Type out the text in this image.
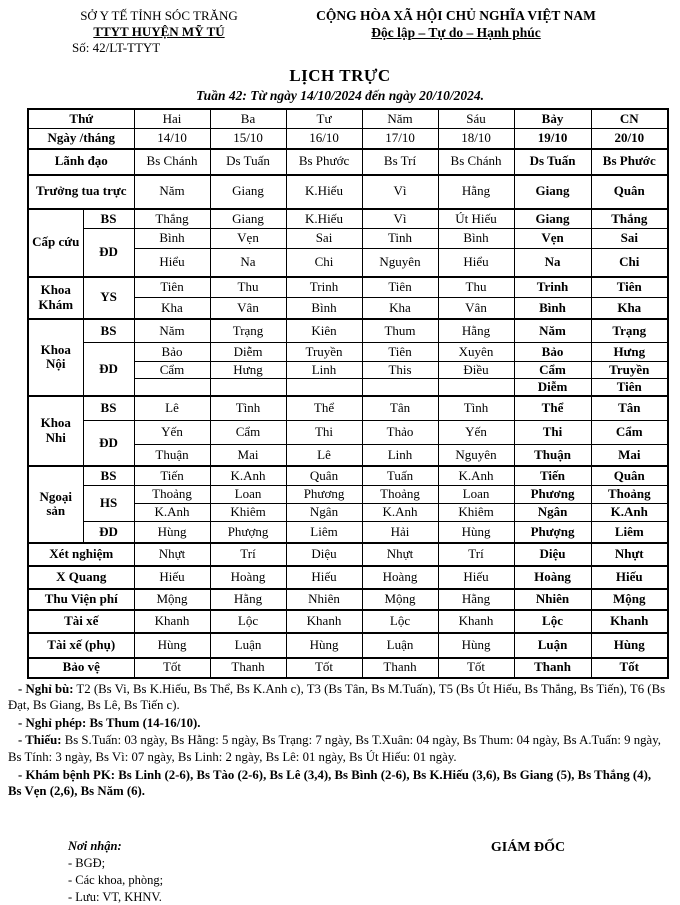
SỞ Y TẾ TỈNH SÓC TRĂNG
TTYT HUYỆN MỸ TÚ
Số: 42/LT-TTYT
CỘNG HÒA XÃ HỘI CHỦ NGHĨA VIỆT NAM
Độc lập – Tự do – Hạnh phúc
LỊCH TRỰC
Tuần 42: Từ ngày 14/10/2024 đến ngày 20/10/2024.
Thứ		Hai	Ba	Tư	Năm	Sáu	Bảy	CN
Ngày /tháng		14/10	15/10	16/10	17/10	18/10	19/10	20/10
Lãnh đạo		Bs Chánh	Ds Tuấn	Bs Phước	Bs Trí	Bs Chánh	Ds Tuấn	Bs Phước
Trưởng tua trực		Năm	Giang	K.Hiếu	Vì	Hằng	Giang	Quân
Cấp cứu	BS	Thắng	Giang	K.Hiếu	Vì	Út Hiếu	Giang	Thắng
	ĐD	Bình	Vẹn	Sai	Tinh	Bình	Vẹn	Sai
		Hiểu	Na	Chi	Nguyên	Hiểu	Na	Chi
Khoa Khám	YS	Tiên	Thu	Trinh	Tiên	Thu	Trinh	Tiên
		Kha	Vân	Bình	Kha	Vân	Bình	Kha
Khoa Nội	BS	Năm	Trạng	Kiên	Thum	Hằng	Năm	Trạng
	ĐD	Bảo	Diễm	Truyền	Tiên	Xuyên	Bảo	Hưng
		Cẩm	Hưng	Linh	This	Điều	Cẩm	Truyền
							Diễm	Tiên
Khoa Nhi	BS	Lê	Tình	Thể	Tân	Tình	Thể	Tân
	ĐD	Yến	Cẩm	Thi	Thảo	Yến	Thi	Cẩm
		Thuận	Mai	Lê	Linh	Nguyên	Thuận	Mai
Ngoại sản	BS	Tiến	K.Anh	Quân	Tuấn	K.Anh	Tiến	Quân
	HS	Thoảng	Loan	Phương	Thoảng	Loan	Phương	Thoảng
		K.Anh	Khiêm	Ngân	K.Anh	Khiêm	Ngân	K.Anh
	ĐD	Hùng	Phượng	Liêm	Hải	Hùng	Phượng	Liêm
Xét nghiệm		Nhựt	Trí	Diệu	Nhựt	Trí	Diệu	Nhựt
X Quang		Hiếu	Hoàng	Hiếu	Hoàng	Hiếu	Hoàng	Hiếu
Thu Viện phí		Mộng	Hằng	Nhiên	Mộng	Hằng	Nhiên	Mộng
Tài xế		Khanh	Lộc	Khanh	Lộc	Khanh	Lộc	Khanh
Tài xế (phụ)		Hùng	Luận	Hùng	Luận	Hùng	Luận	Hùng
Bảo vệ		Tốt	Thanh	Tốt	Thanh	Tốt	Thanh	Tốt

- Nghỉ bù: T2 (Bs Vi, Bs K.Hiếu, Bs Thể, Bs K.Anh c), T3 (Bs Tân, Bs M.Tuấn), T5 (Bs Út Hiếu, Bs Thắng, Bs Tiến), T6 (Bs Đạt, Bs Giang, Bs Lê, Bs Tiến c).

- Nghỉ phép: Bs Thum (14-16/10).

- Thiếu: Bs S.Tuấn: 03 ngày, Bs Hằng: 5 ngày, Bs Trạng: 7 ngày, Bs T.Xuân: 04 ngày, Bs Thum: 04 ngày, Bs A.Tuấn: 9 ngày, Bs Tính: 3 ngày, Bs Vì: 07 ngày, Bs Linh: 2 ngày, Bs Lê: 01 ngày, Bs Út Hiếu: 01 ngày.

- Khám bệnh PK: Bs Linh (2-6), Bs Tào (2-6), Bs Lê (3,4), Bs Bình (2-6), Bs K.Hiếu (3,6), Bs Giang (5), Bs Thắng (4), Bs Vẹn (2,6), Bs Năm (6).

Nơi nhận:
- BGĐ;
- Các khoa, phòng;
- Lưu: VT, KHNV.
GIÁM ĐỐC
